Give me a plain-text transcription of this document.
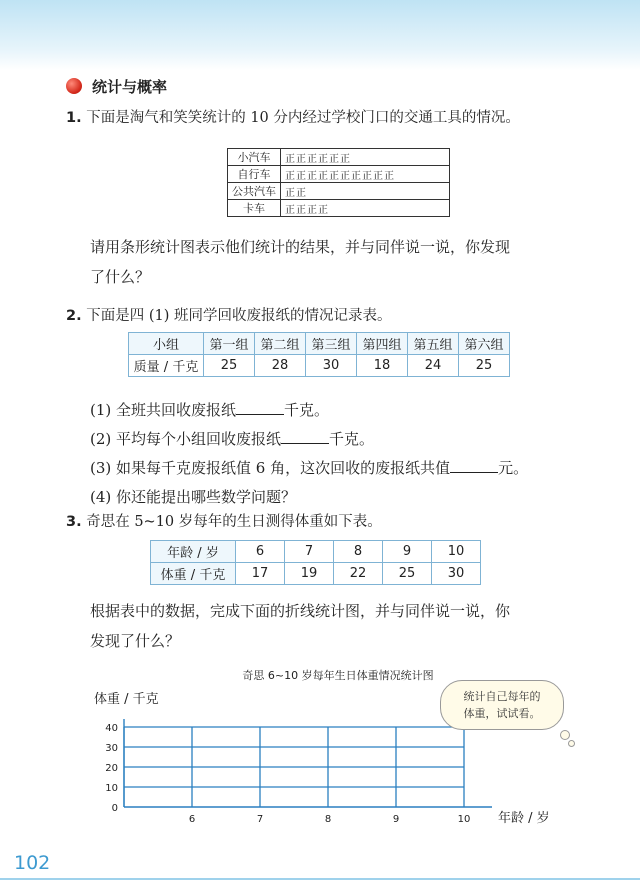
统计与概率
1. 下面是淘气和笑笑统计的 10 分内经过学校门口的交通工具的情况。
小汽车	正正正正正正
自行车	正正正正正正正正正正
公共汽车	正正
卡车	正正正正
请用条形统计图表示他们统计的结果，并与同伴说一说，你发现
了什么？
2. 下面是四 (1) 班同学回收废报纸的情况记录表。
小组	第一组	第二组	第三组	第四组	第五组	第六组
质量 / 千克	25	28	30	18	24	25
(1) 全班共回收废报纸	千克。
(2) 平均每个小组回收废报纸	千克。
(3) 如果每千克废报纸值 6 角，这次回收的废报纸共值	元。
(4) 你还能提出哪些数学问题？
3. 奇思在 5~10 岁每年的生日测得体重如下表。
年龄 / 岁	6	7	8	9	10
体重 / 千克	17	19	22	25	30
根据表中的数据，完成下面的折线统计图，并与同伴说一说，你
发现了什么？
奇思 6~10 岁每年生日体重情况统计图
体重 / 千克
0
10
20
30
40
6	7	8	9	10 年龄 / 岁
统计自己每年的
体重，试试看。
102
